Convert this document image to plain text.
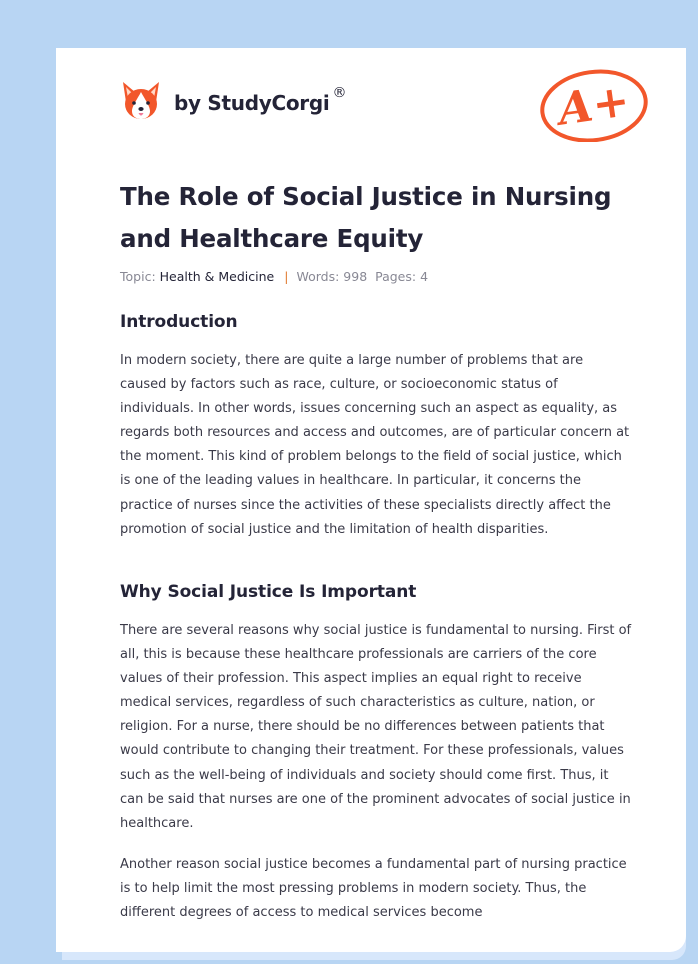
by StudyCorgi ®	A+
The Role of Social Justice in Nursing and Healthcare Equity
Topic: Health & Medicine | Words: 998 Pages: 4
Introduction

In modern society, there are quite a large number of problems that are caused by factors such as race, culture, or socioeconomic status of individuals. In other words, issues concerning such an aspect as equality, as regards both resources and access and outcomes, are of particular concern at the moment. This kind of problem belongs to the field of social justice, which is one of the leading values in healthcare. In particular, it concerns the practice of nurses since the activities of these specialists directly affect the promotion of social justice and the limitation of health disparities.

Why Social Justice Is Important

There are several reasons why social justice is fundamental to nursing. First of all, this is because these healthcare professionals are carriers of the core values of their profession. This aspect implies an equal right to receive medical services, regardless of such characteristics as culture, nation, or religion. For a nurse, there should be no differences between patients that would contribute to changing their treatment. For these professionals, values such as the well-being of individuals and society should come first. Thus, it can be said that nurses are one of the prominent advocates of social justice in healthcare.

Another reason social justice becomes a fundamental part of nursing practice is to help limit the most pressing problems in modern society. Thus, the different degrees of access to medical services become
